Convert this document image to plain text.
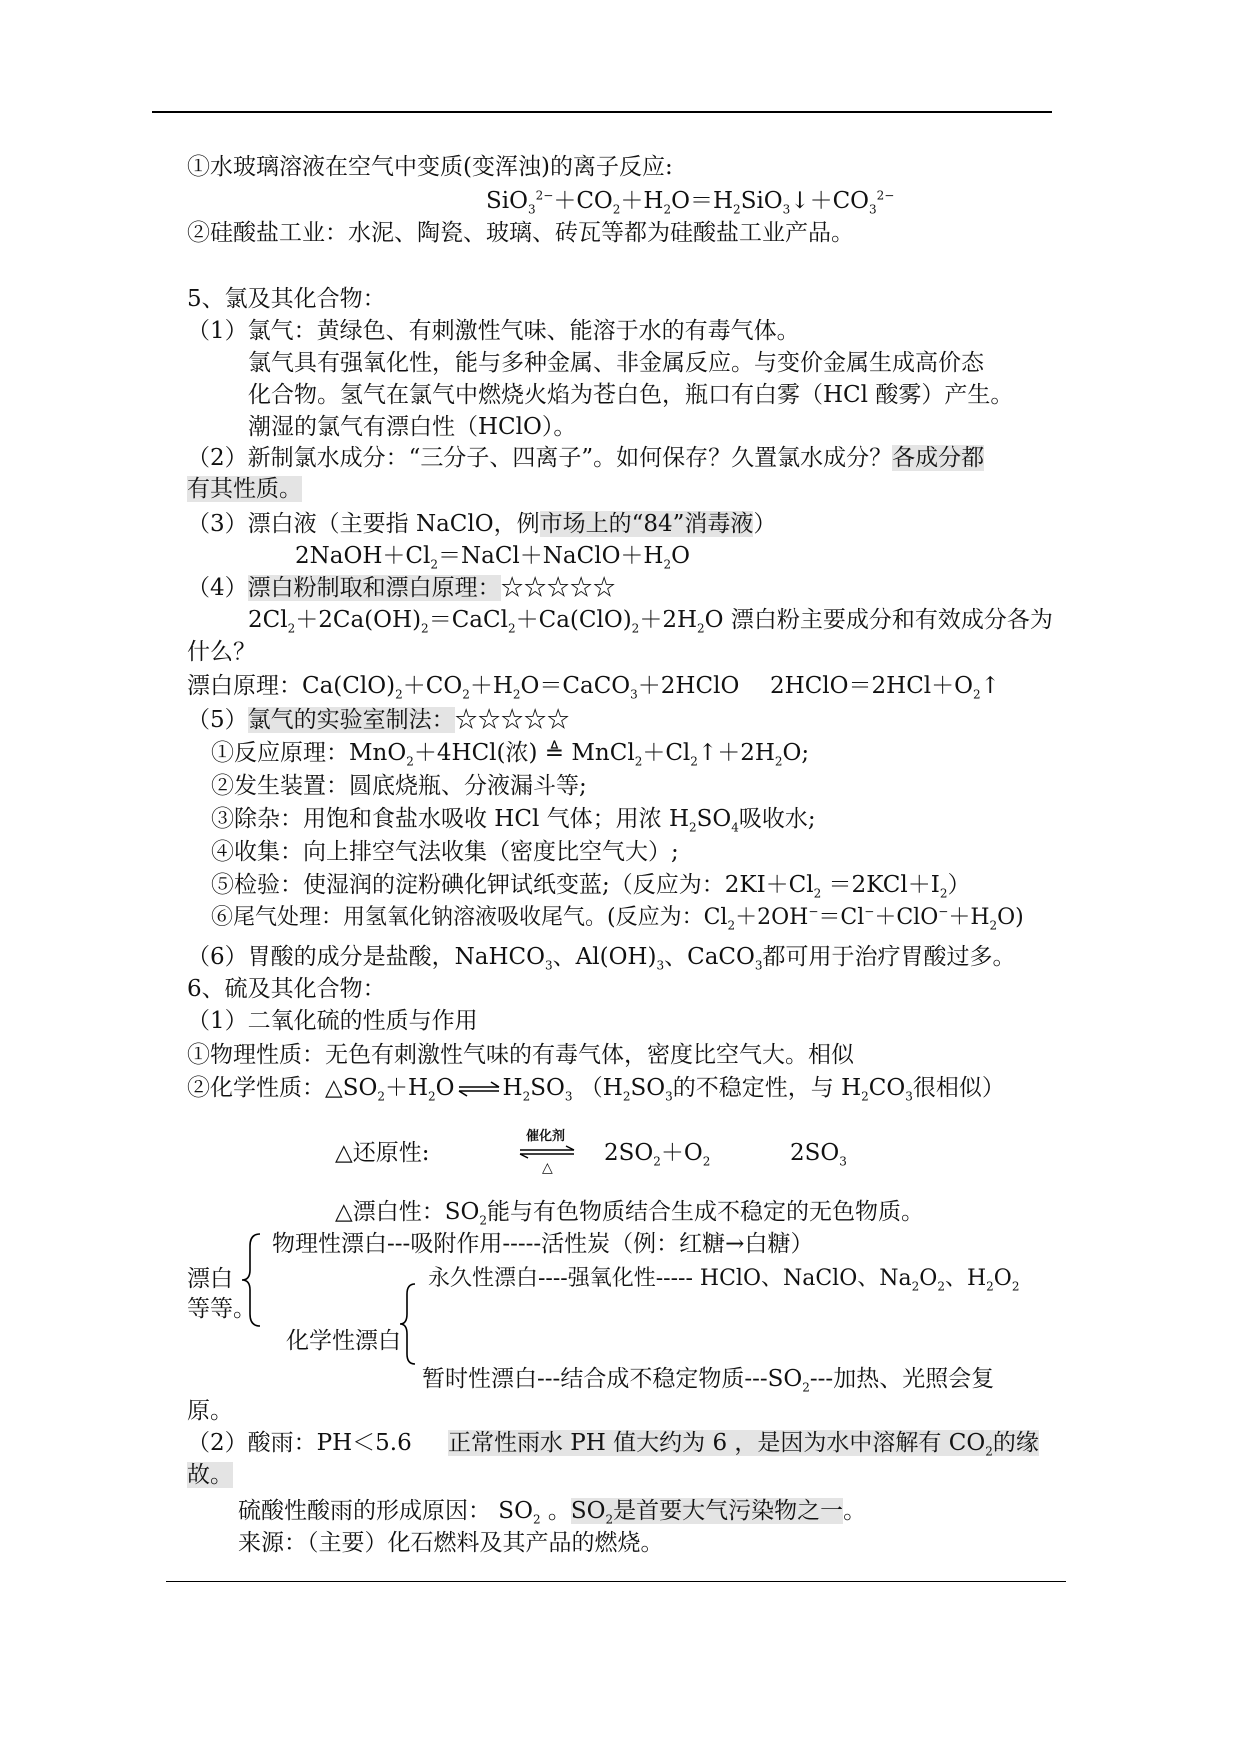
①水玻璃溶液在空气中变质(变浑浊)的离子反应:
$SiO_3^{2-}+CO_2+H_2O=H_2SiO_3↓+CO_3^{2-}$
②硅酸盐工业：水泥、陶瓷、玻璃、砖瓦等都为硅酸盐工业产品。
5、氯及其化合物：
（1）氯气：黄绿色、有刺激性气味、能溶于水的有毒气体。
氯气具有强氧化性，能与多种金属、非金属反应。与变价金属生成高价态
化合物。氢气在氯气中燃烧火焰为苍白色，瓶口有白雾（HCl 酸雾）产生。
潮湿的氯气有漂白性（HClO）。
（2）新制氯水成分：“三分子、四离子”。如何保存？久置氯水成分？各成分都
有其性质。
（3）漂白液（主要指 NaClO，例市场上的“84”消毒液）
$2NaOH+Cl_2=NaCl+NaClO+H_2O$
（4）漂白粉制取和漂白原理：☆☆☆☆☆
$2Cl_2+2Ca(OH)_2=CaCl_2+Ca(ClO)_2+2H_2O$ 漂白粉主要成分和有效成分各为
什么？
漂白原理：$Ca(ClO)_2+CO_2+H_2O=CaCO_3+2HClO$ $2HClO=2HCl+O_2↑$
（5）氯气的实验室制法：☆☆☆☆☆
①反应原理：MnO$_2$＋4HCl(浓) ≜ $MnCl_2+Cl_2↑+2H_2O$;
②发生装置：圆底烧瓶、分液漏斗等;
③除杂：用饱和食盐水吸收 HCl 气体；用浓 $H_2SO_4$吸收水;
④收集：向上排空气法收集（密度比空气大）;
⑤检验：使湿润的淀粉碘化钾试纸变蓝;（反应为：$2KI+Cl_2 =2KCl+I_2$）
⑥尾气处理：用氢氧化钠溶液吸收尾气。(反应为：$Cl_2+2OH^-=Cl^-+ClO^-+H_2O$)
（6）胃酸的成分是盐酸，NaHCO$_3$、$Al(OH)_3$、CaCO$_3$都可用于治疗胃酸过多。
6、硫及其化合物：
（1）二氧化硫的性质与作用
①物理性质：无色有刺激性气味的有毒气体，密度比空气大。相似
②化学性质：$\triangle SO_2+H_2O$ ⇌ $H_2SO_3$ （$H_2SO_3$的不稳定性，与 $H_2CO_3$很相似）
△还原性:
催化剂
△
$2SO_2+O_2$	$2SO_3$
△漂白性：$SO_2$能与有色物质结合生成不稳定的无色物质。
物理性漂白---吸附作用-----活性炭（例：红糖→白糖）
漂白
等等。
永久性漂白----强氧化性----- HClO、NaClO、$Na_2O_2$、$H_2O_2$
化学性漂白
暂时性漂白---结合成不稳定物质$---SO_2---$加热、光照会复
原。
（2）酸雨：PH＜5.6 正常性雨水 PH 值大约为 6 ，是因为水中溶解有 $CO_2$的缘
故。
硫酸性酸雨的形成原因： $SO_2$ 。$SO_2$是首要大气污染物之一。
来源：（主要）化石燃料及其产品的燃烧。
